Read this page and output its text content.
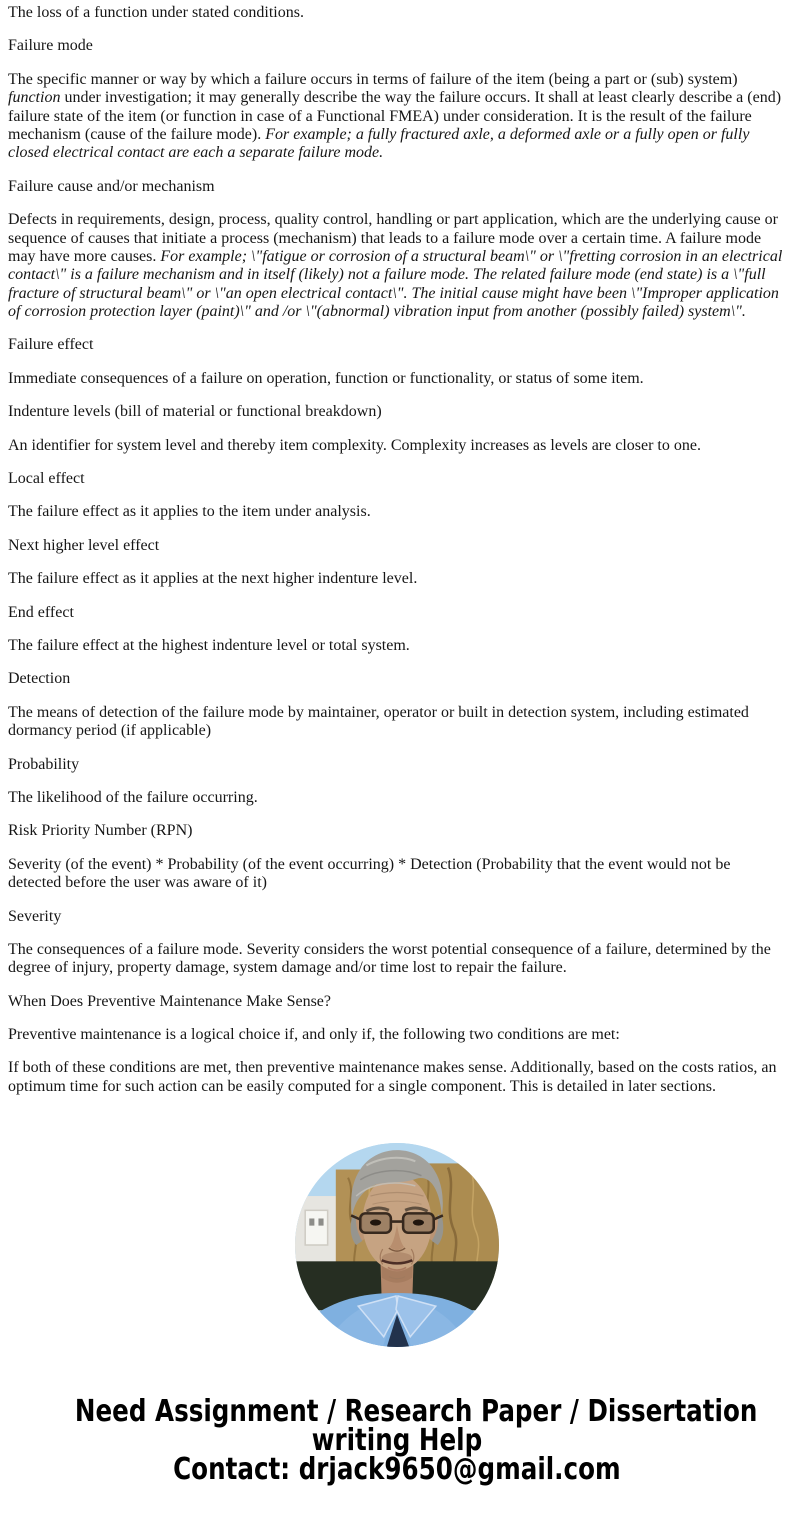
The loss of a function under stated conditions.

Failure mode

The specific manner or way by which a failure occurs in terms of failure of the item (being a part or (sub) system) function under investigation; it may generally describe the way the failure occurs. It shall at least clearly describe a (end) failure state of the item (or function in case of a Functional FMEA) under consideration. It is the result of the failure mechanism (cause of the failure mode). For example; a fully fractured axle, a deformed axle or a fully open or fully closed electrical contact are each a separate failure mode.

Failure cause and/or mechanism

Defects in requirements, design, process, quality control, handling or part application, which are the underlying cause or sequence of causes that initiate a process (mechanism) that leads to a failure mode over a certain time. A failure mode may have more causes. For example; \"fatigue or corrosion of a structural beam\" or \"fretting corrosion in an electrical contact\" is a failure mechanism and in itself (likely) not a failure mode. The related failure mode (end state) is a \"full fracture of structural beam\" or \"an open electrical contact\". The initial cause might have been \"Improper application of corrosion protection layer (paint)\" and /or \"(abnormal) vibration input from another (possibly failed) system\".

Failure effect

Immediate consequences of a failure on operation, function or functionality, or status of some item.

Indenture levels (bill of material or functional breakdown)

An identifier for system level and thereby item complexity. Complexity increases as levels are closer to one.

Local effect

The failure effect as it applies to the item under analysis.

Next higher level effect

The failure effect as it applies at the next higher indenture level.

End effect

The failure effect at the highest indenture level or total system.

Detection

The means of detection of the failure mode by maintainer, operator or built in detection system, including estimated dormancy period (if applicable)

Probability

The likelihood of the failure occurring.

Risk Priority Number (RPN)

Severity (of the event) * Probability (of the event occurring) * Detection (Probability that the event would not be detected before the user was aware of it)

Severity

The consequences of a failure mode. Severity considers the worst potential consequence of a failure, determined by the degree of injury, property damage, system damage and/or time lost to repair the failure.

When Does Preventive Maintenance Make Sense?

Preventive maintenance is a logical choice if, and only if, the following two conditions are met:

If both of these conditions are met, then preventive maintenance makes sense. Additionally, based on the costs ratios, an optimum time for such action can be easily computed for a single component. This is detailed in later sections.

Need Assignment / Research Paper / Dissertation
writing Help
Contact: drjack9650@gmail.com
